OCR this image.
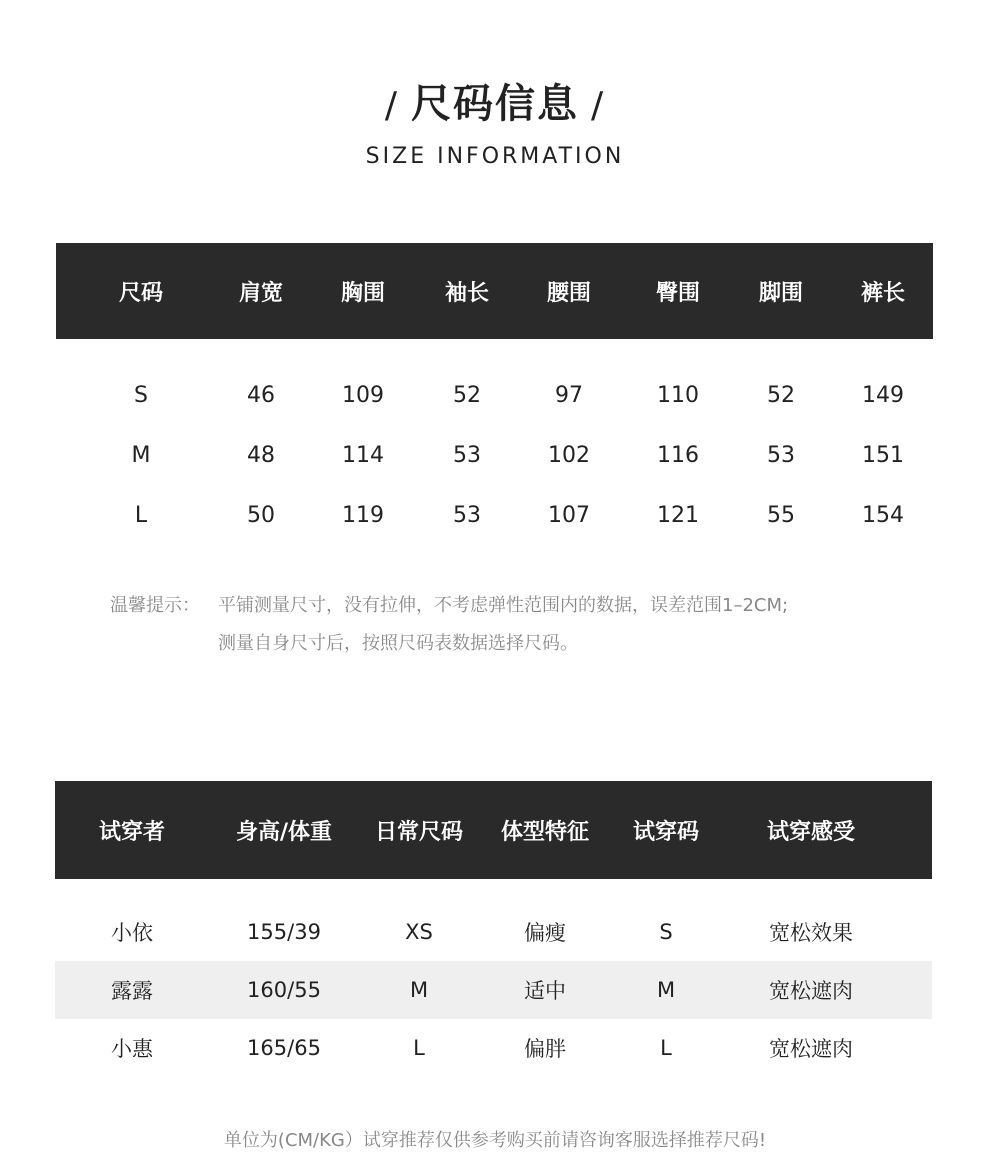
/ 尺码信息 /
SIZE INFORMATION
尺码	肩宽	胸围	袖长	腰围	臀围	脚围	裤长
S	46	109	52	97	110	52	149
M	48	114	53	102	116	53	151
L	50	119	53	107	121	55	154
温馨提示： 平铺测量尺寸，没有拉伸，不考虑弹性范围内的数据，误差范围1–2CM;
测量自身尺寸后，按照尺码表数据选择尺码。
试穿者	身高/体重	日常尺码	体型特征	试穿码	试穿感受
小依	155/39	XS	偏瘦	S	宽松效果
露露	160/55	M	适中	M	宽松遮肉
小惠	165/65	L	偏胖	L	宽松遮肉
单位为(CM/KG）试穿推荐仅供参考购买前请咨询客服选择推荐尺码!
